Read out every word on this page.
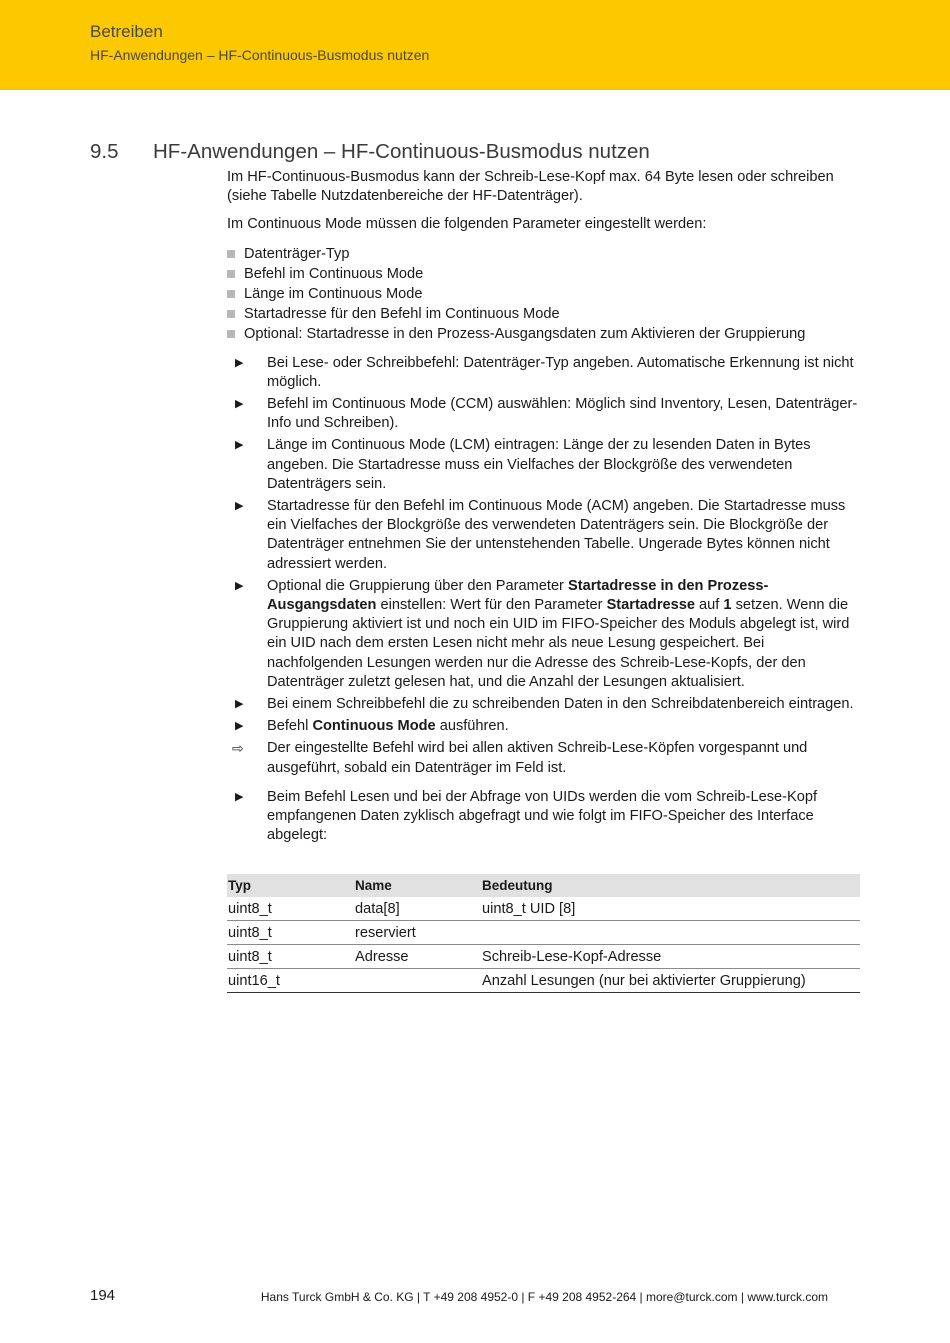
Betreiben
HF-Anwendungen – HF-Continuous-Busmodus nutzen
9.5 HF-Anwendungen – HF-Continuous-Busmodus nutzen

Im HF-Continuous-Busmodus kann der Schreib-Lese-Kopf max. 64 Byte lesen oder schreiben (siehe Tabelle Nutzdatenbereiche der HF-Datenträger).

Im Continuous Mode müssen die folgenden Parameter eingestellt werden:

Datenträger-Typ
Befehl im Continuous Mode
Länge im Continuous Mode
Startadresse für den Befehl im Continuous Mode
Optional: Startadresse in den Prozess-Ausgangsdaten zum Aktivieren der Gruppierung
▶ Bei Lese- oder Schreibbefehl: Datenträger-Typ angeben. Automatische Erkennung ist nicht möglich.
▶ Befehl im Continuous Mode (CCM) auswählen: Möglich sind Inventory, Lesen, Datenträger-Info und Schreiben).
▶ Länge im Continuous Mode (LCM) eintragen: Länge der zu lesenden Daten in Bytes angeben. Die Startadresse muss ein Vielfaches der Blockgröße des verwendeten Datenträgers sein.
▶ Startadresse für den Befehl im Continuous Mode (ACM) angeben. Die Startadresse muss ein Vielfaches der Blockgröße des verwendeten Datenträgers sein. Die Blockgröße der Datenträger entnehmen Sie der untenstehenden Tabelle. Ungerade Bytes können nicht adressiert werden.
▶ Optional die Gruppierung über den Parameter Startadresse in den Prozess-Ausgangsdaten einstellen: Wert für den Parameter Startadresse auf 1 setzen. Wenn die Gruppierung aktiviert ist und noch ein UID im FIFO-Speicher des Moduls abgelegt ist, wird ein UID nach dem ersten Lesen nicht mehr als neue Lesung gespeichert. Bei nachfolgenden Lesungen werden nur die Adresse des Schreib-Lese-Kopfs, der den Datenträger zuletzt gelesen hat, und die Anzahl der Lesungen aktualisiert.
▶ Bei einem Schreibbefehl die zu schreibenden Daten in den Schreibdatenbereich eintragen.
▶ Befehl Continuous Mode ausführen.
⇨ Der eingestellte Befehl wird bei allen aktiven Schreib-Lese-Köpfen vorgespannt und ausgeführt, sobald ein Datenträger im Feld ist.
▶ Beim Befehl Lesen und bei der Abfrage von UIDs werden die vom Schreib-Lese-Kopf empfangenen Daten zyklisch abgefragt und wie folgt im FIFO-Speicher des Interface abgelegt:
Typ	Name	Bedeutung
uint8_t	data[8]	uint8_t UID [8]
uint8_t	reserviert	
uint8_t	Adresse	Schreib-Lese-Kopf-Adresse
uint16_t		Anzahl Lesungen (nur bei aktivierter Gruppierung)
194	Hans Turck GmbH & Co. KG | T +49 208 4952-0 | F +49 208 4952-264 | more@turck.com | www.turck.com
